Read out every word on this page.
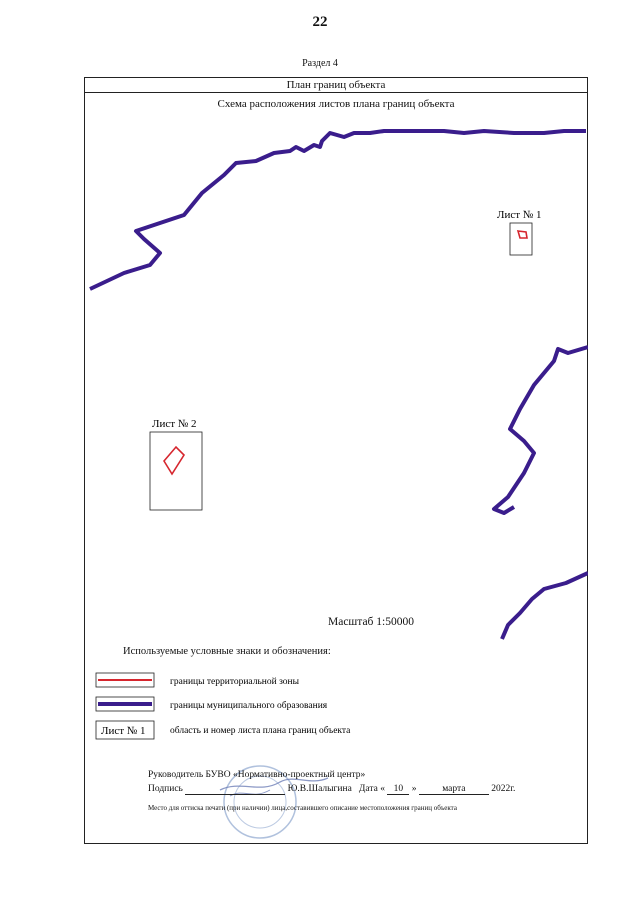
22
Раздел 4
План границ объекта
Схема расположения листов плана границ объекта
Лист № 1
Лист № 2
Лист № 1
границы территориальной зоны
границы муниципального образования
область и номер листа плана границ объекта
Масштаб 1:50000
Используемые условные знаки и обозначения:
Руководитель БУВО «Нормативно-проектный центр»
Подпись	Ю.В.Шалыгина Дата « 10 »	марта	2022г.
Место для оттиска печати (при наличии) лица,составившего описание местоположения границ объекта
